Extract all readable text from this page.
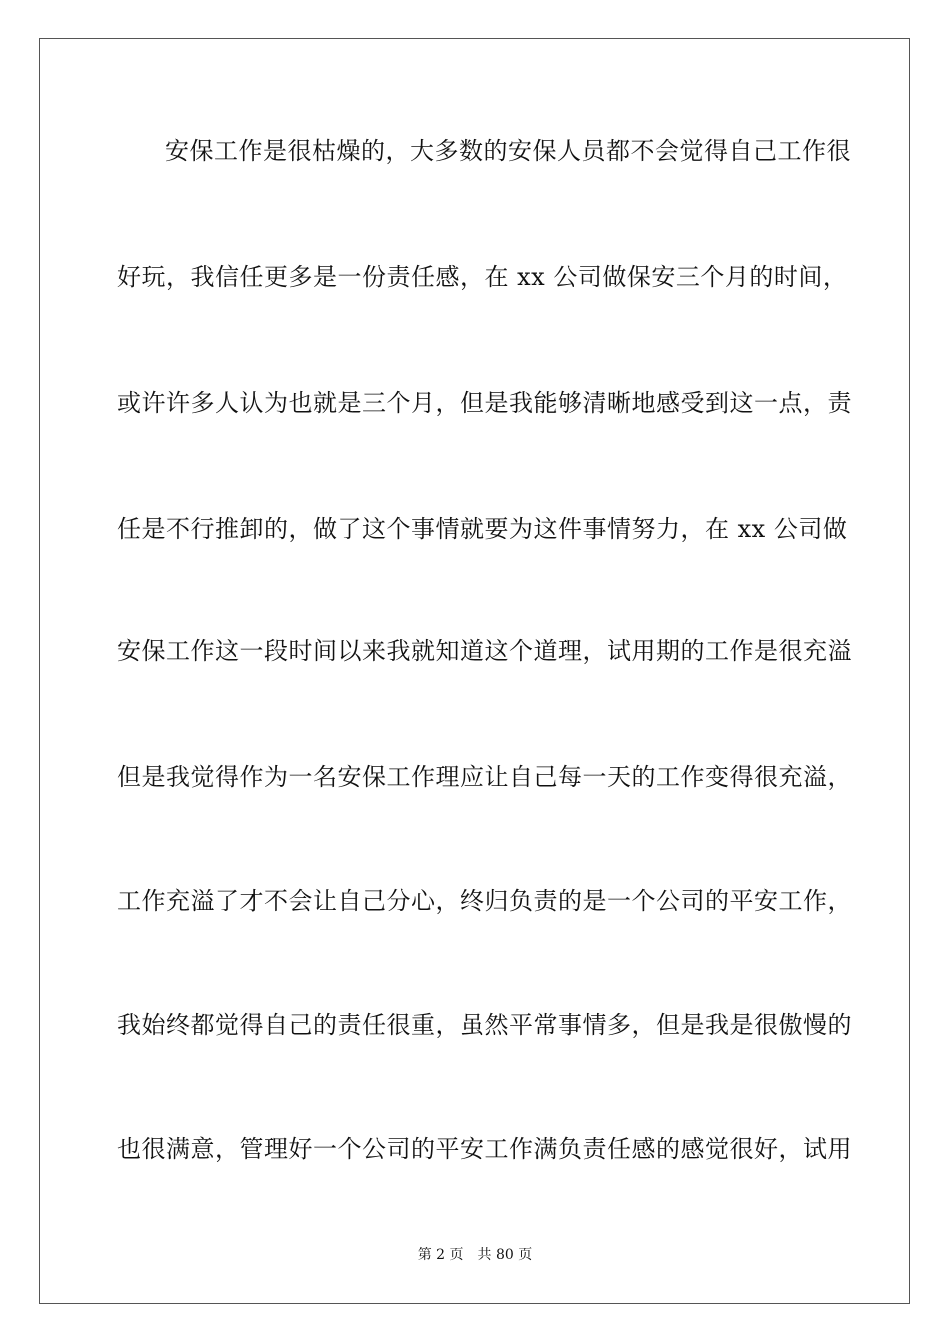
安保工作是很枯燥的，大多数的安保人员都不会觉得自己工作很
好玩，我信任更多是一份责任感，在 xx 公司做保安三个月的时间，
或许许多人认为也就是三个月，但是我能够清晰地感受到这一点，责
任是不行推卸的，做了这个事情就要为这件事情努力，在 xx 公司做
安保工作这一段时间以来我就知道这个道理，试用期的工作是很充溢
但是我觉得作为一名安保工作理应让自己每一天的工作变得很充溢，
工作充溢了才不会让自己分心，终归负责的是一个公司的平安工作，
我始终都觉得自己的责任很重，虽然平常事情多，但是我是很傲慢的
也很满意，管理好一个公司的平安工作满负责任感的感觉很好，试用
第 2 页 共 80 页
